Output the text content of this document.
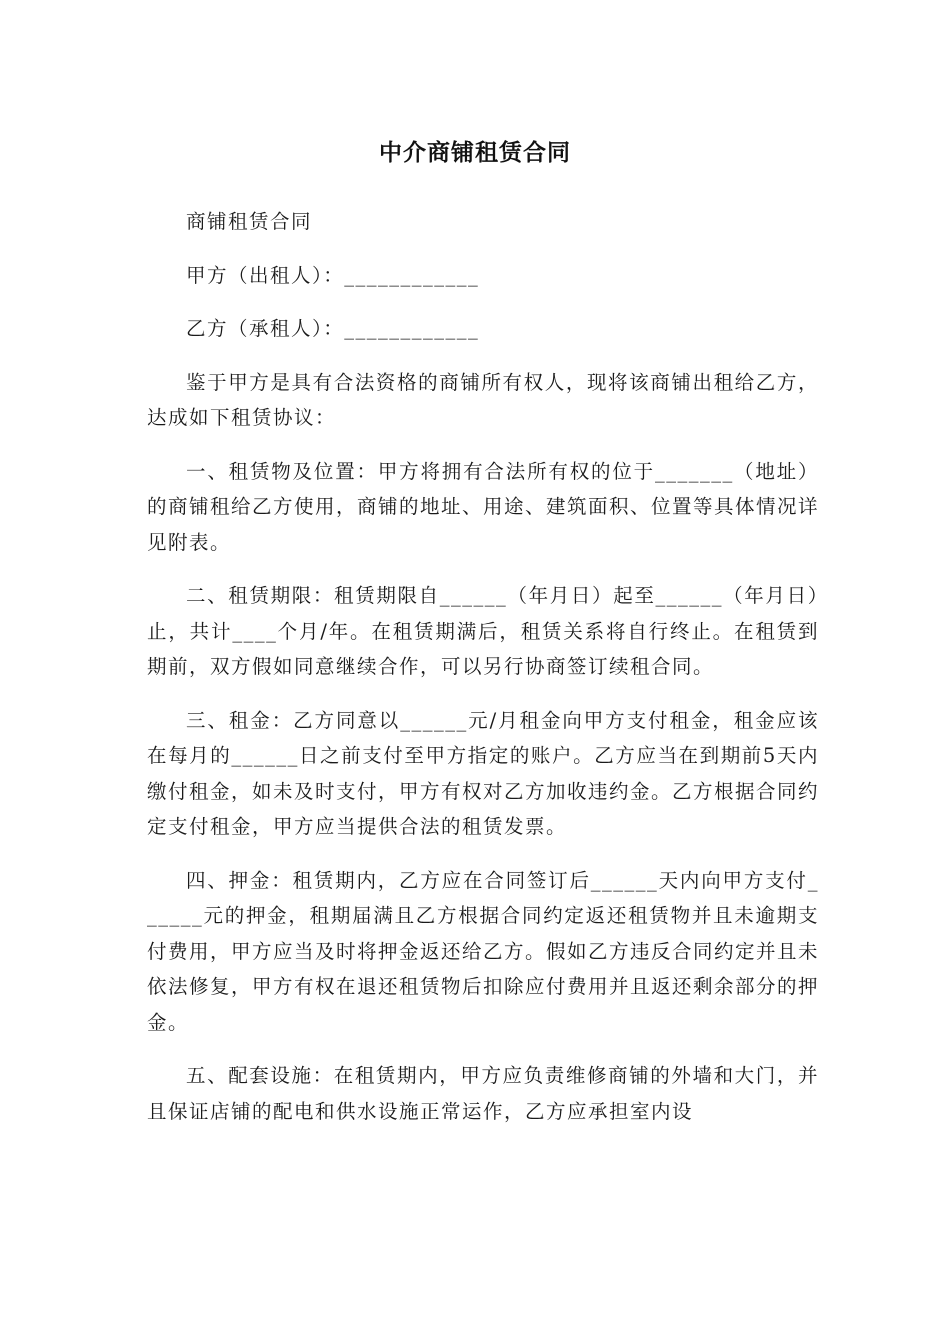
中介商铺租赁合同

商铺租赁合同

甲方（出租人）：____________

乙方（承租人）：____________

鉴于甲方是具有合法资格的商铺所有权人，现将该商铺出租给乙方，达成如下租赁协议：

一、租赁物及位置：甲方将拥有合法所有权的位于_______（地址）的商铺租给乙方使用，商铺的地址、用途、建筑面积、位置等具体情况详见附表。

二、租赁期限：租赁期限自______（年月日）起至______（年月日）止，共计____个月/年。在租赁期满后，租赁关系将自行终止。在租赁到期前，双方假如同意继续合作，可以另行协商签订续租合同。

三、租金：乙方同意以______元/月租金向甲方支付租金，租金应该在每月的______日之前支付至甲方指定的账户。乙方应当在到期前5天内缴付租金，如未及时支付，甲方有权对乙方加收违约金。乙方根据合同约定支付租金，甲方应当提供合法的租赁发票。

四、押金：租赁期内，乙方应在合同签订后______天内向甲方支付______元的押金，租期届满且乙方根据合同约定返还租赁物并且未逾期支付费用，甲方应当及时将押金返还给乙方。假如乙方违反合同约定并且未依法修复，甲方有权在退还租赁物后扣除应付费用并且返还剩余部分的押金。

五、配套设施：在租赁期内，甲方应负责维修商铺的外墙和大门，并且保证店铺的配电和供水设施正常运作，乙方应承担室内设
